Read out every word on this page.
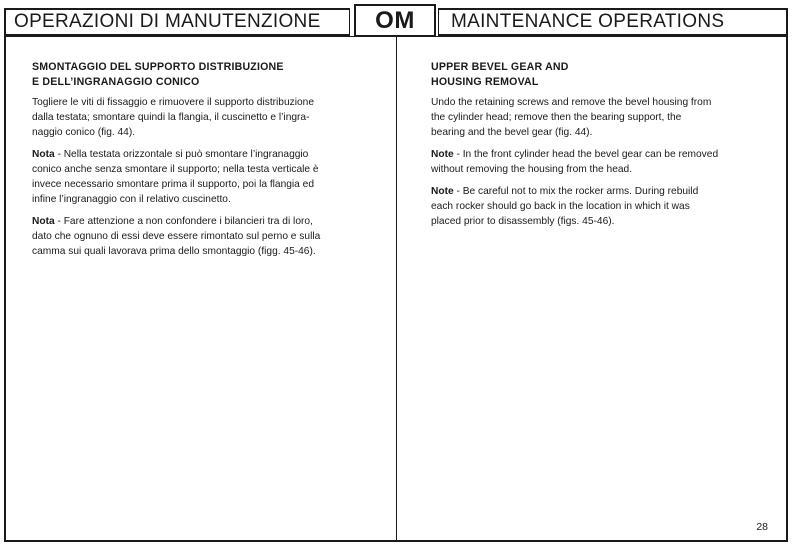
OPERAZIONI DI MANUTENZIONE	OM	MAINTENANCE OPERATIONS
SMONTAGGIO DEL SUPPORTO DISTRIBUZIONE
E DELL’INGRANAGGIO CONICO
Togliere le viti di fissaggio e rimuovere il supporto distribuzione
dalla testata; smontare quindi la flangia, il cuscinetto e l’ingra-
naggio conico (fig. 44).
Nota - Nella testata orizzontale si può smontare l’ingranaggio
conico anche senza smontare il supporto; nella testa verticale è
invece necessario smontare prima il supporto, poi la flangia ed
infine l’ingranaggio con il relativo cuscinetto.
Nota - Fare attenzione a non confondere i bilancieri tra di loro,
dato che ognuno di essi deve essere rimontato sul perno e sulla
camma sui quali lavorava prima dello smontaggio (figg. 45-46).
UPPER BEVEL GEAR AND
HOUSING REMOVAL
Undo the retaining screws and remove the bevel housing from
the cylinder head; remove then the bearing support, the
bearing and the bevel gear (fig. 44).
Note - In the front cylinder head the bevel gear can be removed
without removing the housing from the head.
Note - Be careful not to mix the rocker arms. During rebuild
each rocker should go back in the location in which it was
placed prior to disassembly (figs. 45-46).
28
